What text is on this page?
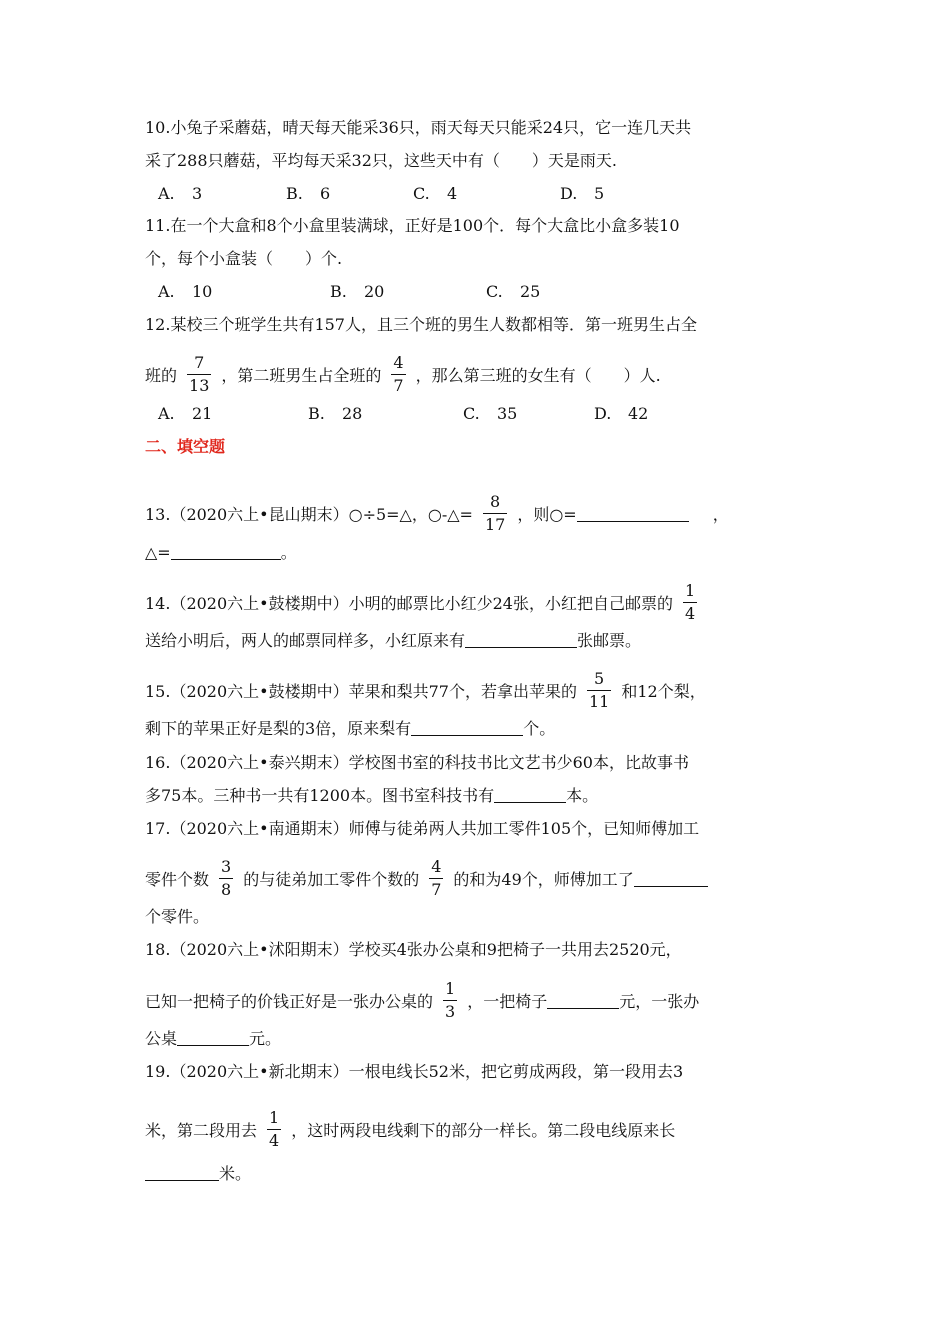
10.小兔子采蘑菇，晴天每天能采36只，雨天每天只能采24只，它一连几天共
采了288只蘑菇，平均每天采32只，这些天中有（　　）天是雨天.
A. 3	B. 6	C. 4	D. 5
11.在一个大盒和8个小盒里装满球，正好是100个．每个大盒比小盒多装10
个，每个小盒装（　　）个.
A. 10	B. 20	C. 25
12.某校三个班学生共有157人，且三个班的男生人数都相等．第一班男生占全
班的 $\frac{7}{13}$ ，第二班男生占全班的 $\frac{4}{7}$ ，那么第三班的女生有（　　）人.
A. 21	B. 28	C. 35	D. 42
二、填空题
13.（2020六上•昆山期末）○÷5=△，○-△= $\frac{8}{17}$ ，则○=	，
△=	。
14.（2020六上•鼓楼期中）小明的邮票比小红少24张，小红把自己邮票的 $\frac{1}{4}$
送给小明后，两人的邮票同样多，小红原来有	张邮票。
15.（2020六上•鼓楼期中）苹果和梨共77个，若拿出苹果的 $\frac{5}{11}$ 和12个梨，
剩下的苹果正好是梨的3倍，原来梨有	个。
16.（2020六上•泰兴期末）学校图书室的科技书比文艺书少60本，比故事书
多75本。三种书一共有1200本。图书室科技书有	本。
17.（2020六上•南通期末）师傅与徒弟两人共加工零件105个，已知师傅加工
零件个数 $\frac{3}{8}$ 的与徒弟加工零件个数的 $\frac{4}{7}$ 的和为49个，师傅加工了
个零件。
18.（2020六上•沭阳期末）学校买4张办公桌和9把椅子一共用去2520元，
已知一把椅子的价钱正好是一张办公桌的 $\frac{1}{3}$ ，一把椅子	元，一张办
公桌	元。
19.（2020六上•新北期末）一根电线长52米，把它剪成两段，第一段用去3
米，第二段用去 $\frac{1}{4}$ ，这时两段电线剩下的部分一样长。第二段电线原来长
米。
